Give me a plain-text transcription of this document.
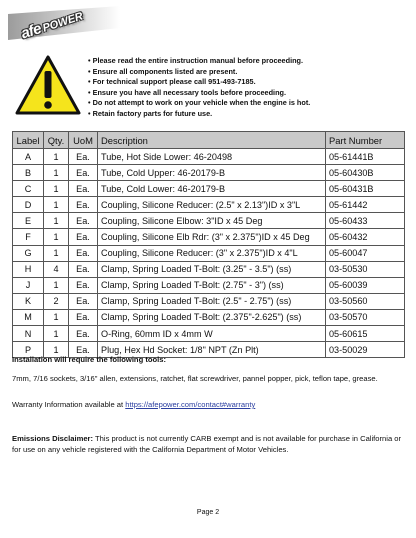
afePOWER
• Please read the entire instruction manual before proceeding.
• Ensure all components listed are present.
• For technical support please call 951-493-7185.
• Ensure you have all necessary tools before proceeding.
• Do not attempt to work on your vehicle when the engine is hot.
• Retain factory parts for future use.
Label	Qty.	UoM	Description	Part Number
A	1	Ea.	Tube, Hot Side Lower: 46-20498	05-61441B
B	1	Ea.	Tube, Cold Upper: 46-20179-B	05-60430B
C	1	Ea.	Tube, Cold Lower: 46-20179-B	05-60431B
D	1	Ea.	Coupling, Silicone Reducer: (2.5" x 2.13")ID x 3"L	05-61442
E	1	Ea.	Coupling, Silicone Elbow: 3"ID x 45 Deg	05-60433
F	1	Ea.	Coupling, Silicone Elb Rdr: (3" x 2.375")ID x 45 Deg	05-60432
G	1	Ea.	Coupling, Silicone Reducer: (3" x 2.375")ID x 4"L	05-60047
H	4	Ea.	Clamp, Spring Loaded T-Bolt: (3.25" - 3.5") (ss)	03-50530
J	1	Ea.	Clamp, Spring Loaded T-Bolt: (2.75" - 3") (ss)	05-60039
K	2	Ea.	Clamp, Spring Loaded T-Bolt: (2.5" - 2.75") (ss)	03-50560
M	1	Ea.	Clamp, Spring Loaded T-Bolt: (2.375"-2.625") (ss)	03-50570
N	1	Ea.	O-Ring, 60mm ID x 4mm W	05-60615
P	1	Ea.	Plug, Hex Hd Socket: 1/8" NPT (Zn Plt)	03-50029
Installation will require the following tools:
7mm, 7/16 sockets, 3/16" allen, extensions, ratchet, flat screwdriver, pannel popper, pick, teflon tape, grease.
Warranty Information available at https://afepower.com/contact#warranty
Emissions Disclaimer: This product is not currently CARB exempt and is not available for purchase in California or for use on any vehicle registered with the California Department of Motor Vehicles.
Page 2
